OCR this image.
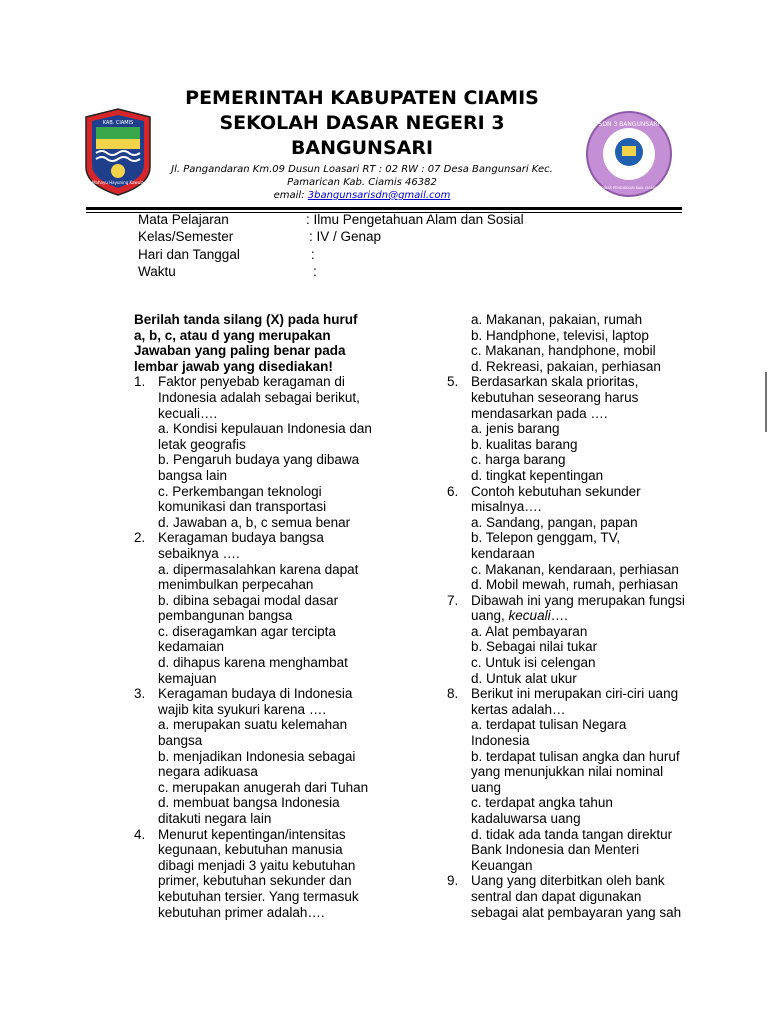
KAB. CIAMIS
Mahayu Hayuning Kawula
PEMERINTAH KABUPATEN CIAMIS
SEKOLAH DASAR NEGERI 3
BANGUNSARI
Jl. Pangandaran Km.09 Dusun Loasari RT : 02 RW : 07 Desa Bangunsari Kec.
Pamarican Kab. Ciamis 46382
email: 3bangunsarisdn@gmail.com
SDN 3 BANGUNSARI
DINAS PENDIDIKAN KAB. CIAMIS
Mata Pelajaran	: Ilmu Pengetahuan Alam dan Sosial
Kelas/Semester	: IV / Genap
Hari dan Tanggal	:
Waktu	:
Berilah tanda silang (X) pada huruf
a, b, c, atau d yang merupakan
Jawaban yang paling benar pada
lembar jawab yang disediakan!
1. Faktor penyebab keragaman di
Indonesia adalah sebagai berikut,
kecuali….
a. Kondisi kepulauan Indonesia dan
letak geografis
b. Pengaruh budaya yang dibawa
bangsa lain
c. Perkembangan teknologi
komunikasi dan transportasi
d. Jawaban a, b, c semua benar
2. Keragaman budaya bangsa
sebaiknya ….
a. dipermasalahkan karena dapat
menimbulkan perpecahan
b. dibina sebagai modal dasar
pembangunan bangsa
c. diseragamkan agar tercipta
kedamaian
d. dihapus karena menghambat
kemajuan
3. Keragaman budaya di Indonesia
wajib kita syukuri karena ….
a. merupakan suatu kelemahan
bangsa
b. menjadikan Indonesia sebagai
negara adikuasa
c. merupakan anugerah dari Tuhan
d. membuat bangsa Indonesia
ditakuti negara lain
4. Menurut kepentingan/intensitas
kegunaan, kebutuhan manusia
dibagi menjadi 3 yaitu kebutuhan
primer, kebutuhan sekunder dan
kebutuhan tersier. Yang termasuk
kebutuhan primer adalah….
a. Makanan, pakaian, rumah
b. Handphone, televisi, laptop
c. Makanan, handphone, mobil
d. Rekreasi, pakaian, perhiasan
5. Berdasarkan skala prioritas,
kebutuhan seseorang harus
mendasarkan pada ….
a. jenis barang
b. kualitas barang
c. harga barang
d. tingkat kepentingan
6. Contoh kebutuhan sekunder
misalnya….
a. Sandang, pangan, papan
b. Telepon genggam, TV,
kendaraan
c. Makanan, kendaraan, perhiasan
d. Mobil mewah, rumah, perhiasan
7. Dibawah ini yang merupakan fungsi
uang, kecuali….
a. Alat pembayaran
b. Sebagai nilai tukar
c. Untuk isi celengan
d. Untuk alat ukur
8. Berikut ini merupakan ciri-ciri uang
kertas adalah…
a. terdapat tulisan Negara
Indonesia
b. terdapat tulisan angka dan huruf
yang menunjukkan nilai nominal
uang
c. terdapat angka tahun
kadaluwarsa uang
d. tidak ada tanda tangan direktur
Bank Indonesia dan Menteri
Keuangan
9. Uang yang diterbitkan oleh bank
sentral dan dapat digunakan
sebagai alat pembayaran yang sah
